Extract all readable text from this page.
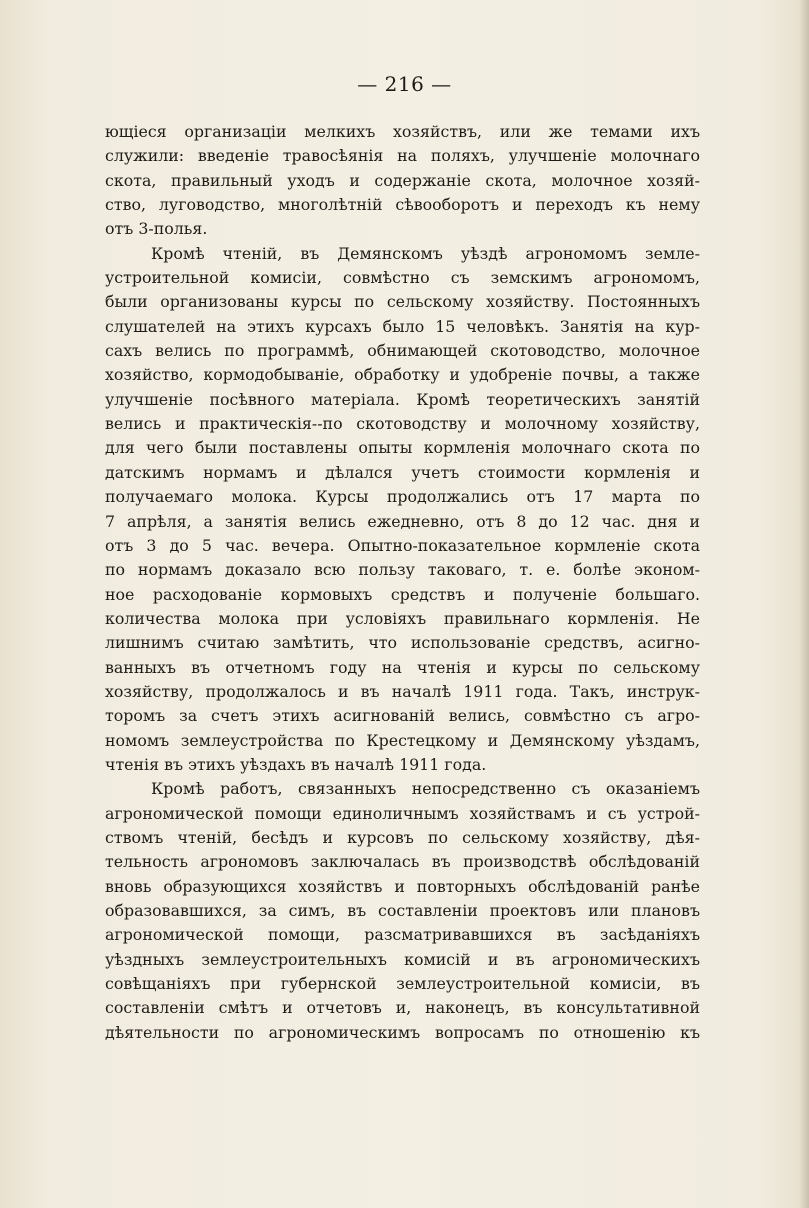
— 216 —
ющіеся организаціи мелкихъ хозяйствъ, или же темами ихъ
служили: введеніе травосѣянія на поляхъ, улучшеніе молочнаго
скота, правильный уходъ и содержаніе скота, молочное хозяй-
ство, луговодство, многолѣтній сѣвооборотъ и переходъ къ нему
отъ 3-полья.
Кромѣ чтеній, въ Демянскомъ уѣздѣ агрономомъ земле-
устроительной комисіи, совмѣстно съ земскимъ агрономомъ,
были организованы курсы по сельскому хозяйству. Постоянныхъ
слушателей на этихъ курсахъ было 15 человѣкъ. Занятія на кур-
сахъ велись по программѣ, обнимающей скотоводство, молочное
хозяйство, кормодобываніе, обработку и удобреніе почвы, а также
улучшеніе посѣвного матеріала. Кромѣ теоретическихъ занятій
велись и практическія--по скотоводству и молочному хозяйству,
для чего были поставлены опыты кормленія молочнаго скота по
датскимъ нормамъ и дѣлался учетъ стоимости кормленія и
получаемаго молока. Курсы продолжались отъ 17 марта по
7 апрѣля, а занятія велись ежедневно, отъ 8 до 12 час. дня и
отъ 3 до 5 час. вечера. Опытно-показательное кормленіе скота
по нормамъ доказало всю пользу таковаго, т. е. болѣе эконом-
ное расходованіе кормовыхъ средствъ и полученіе большаго.
количества молока при условіяхъ правильнаго кормленія. Не
лишнимъ считаю замѣтить, что использованіе средствъ, асигно-
ванныхъ въ отчетномъ году на чтенія и курсы по сельскому
хозяйству, продолжалось и въ началѣ 1911 года. Такъ, инструк-
торомъ за счетъ этихъ асигнованій велись, совмѣстно съ агро-
номомъ землеустройства по Крестецкому и Демянскому уѣздамъ,
чтенія въ этихъ уѣздахъ въ началѣ 1911 года.
Кромѣ работъ, связанныхъ непосредственно съ оказаніемъ
агрономической помощи единоличнымъ хозяйствамъ и съ устрой-
ствомъ чтеній, бесѣдъ и курсовъ по сельскому хозяйству, дѣя-
тельность агрономовъ заключалась въ производствѣ обслѣдованій
вновь образующихся хозяйствъ и повторныхъ обслѣдованій ранѣе
образовавшихся, за симъ, въ составленіи проектовъ или плановъ
агрономической помощи, разсматривавшихся въ засѣданіяхъ
уѣздныхъ землеустроительныхъ комисій и въ агрономическихъ
совѣщаніяхъ при губернской землеустроительной комисіи, въ
составленіи смѣтъ и отчетовъ и, наконецъ, въ консультативной
дѣятельности по агрономическимъ вопросамъ по отношенію къ
